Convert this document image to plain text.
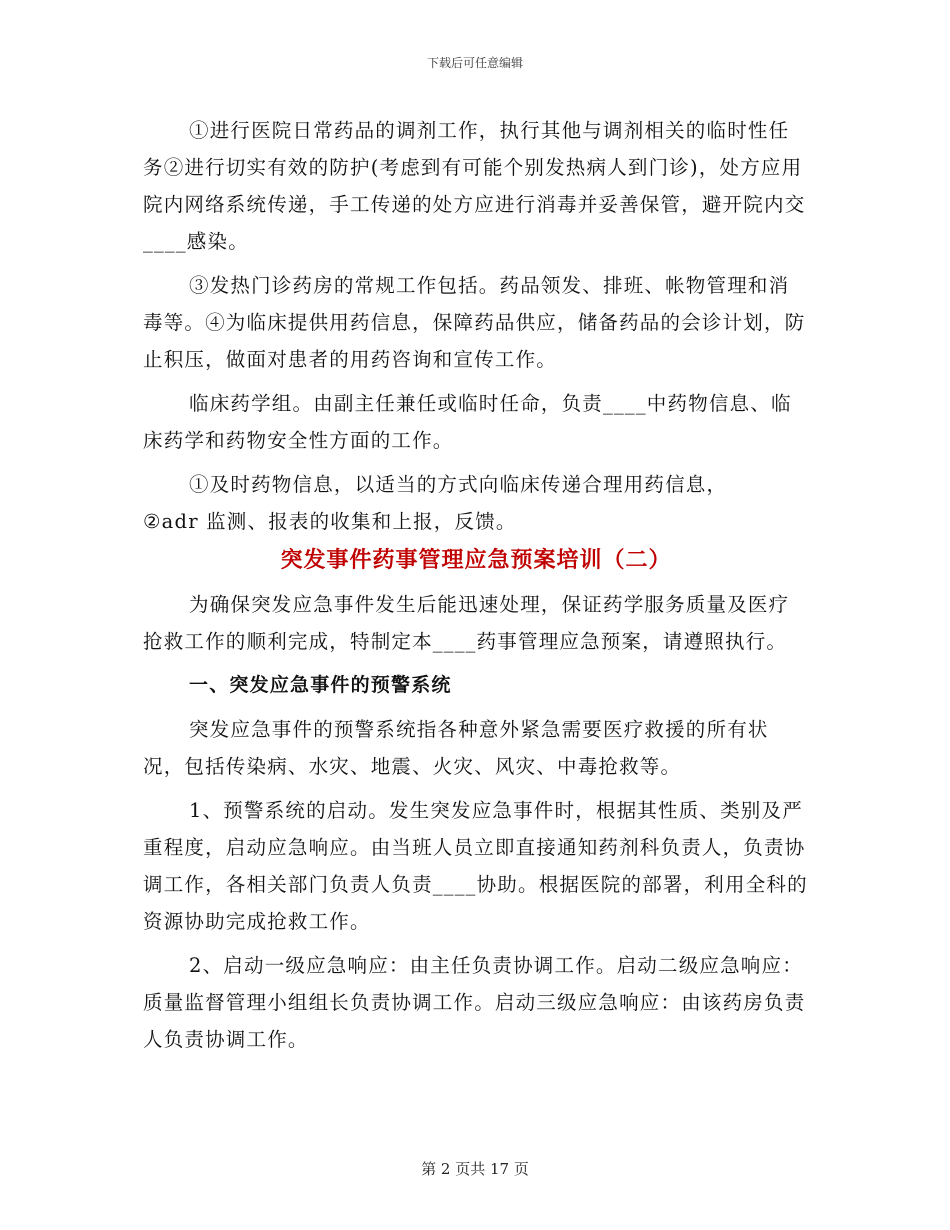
下载后可任意编辑

①进行医院日常药品的调剂工作，执行其他与调剂相关的临时性任务②进行切实有效的防护(考虑到有可能个别发热病人到门诊)，处方应用院内网络系统传递，手工传递的处方应进行消毒并妥善保管，避开院内交____感染。

③发热门诊药房的常规工作包括。药品领发、排班、帐物管理和消毒等。④为临床提供用药信息，保障药品供应，储备药品的会诊计划，防止积压，做面对患者的用药咨询和宣传工作。

临床药学组。由副主任兼任或临时任命，负责____中药物信息、临床药学和药物安全性方面的工作。

①及时药物信息，以适当的方式向临床传递合理用药信息，

②adr 监测、报表的收集和上报，反馈。

突发事件药事管理应急预案培训（二）

为确保突发应急事件发生后能迅速处理，保证药学服务质量及医疗抢救工作的顺利完成，特制定本____药事管理应急预案，请遵照执行。

一、突发应急事件的预警系统

突发应急事件的预警系统指各种意外紧急需要医疗救援的所有状况，包括传染病、水灾、地震、火灾、风灾、中毒抢救等。

1、预警系统的启动。发生突发应急事件时，根据其性质、类别及严重程度，启动应急响应。由当班人员立即直接通知药剂科负责人，负责协调工作，各相关部门负责人负责____协助。根据医院的部署，利用全科的资源协助完成抢救工作。

2、启动一级应急响应：由主任负责协调工作。启动二级应急响应：质量监督管理小组组长负责协调工作。启动三级应急响应：由该药房负责人负责协调工作。

第 2 页共 17 页
